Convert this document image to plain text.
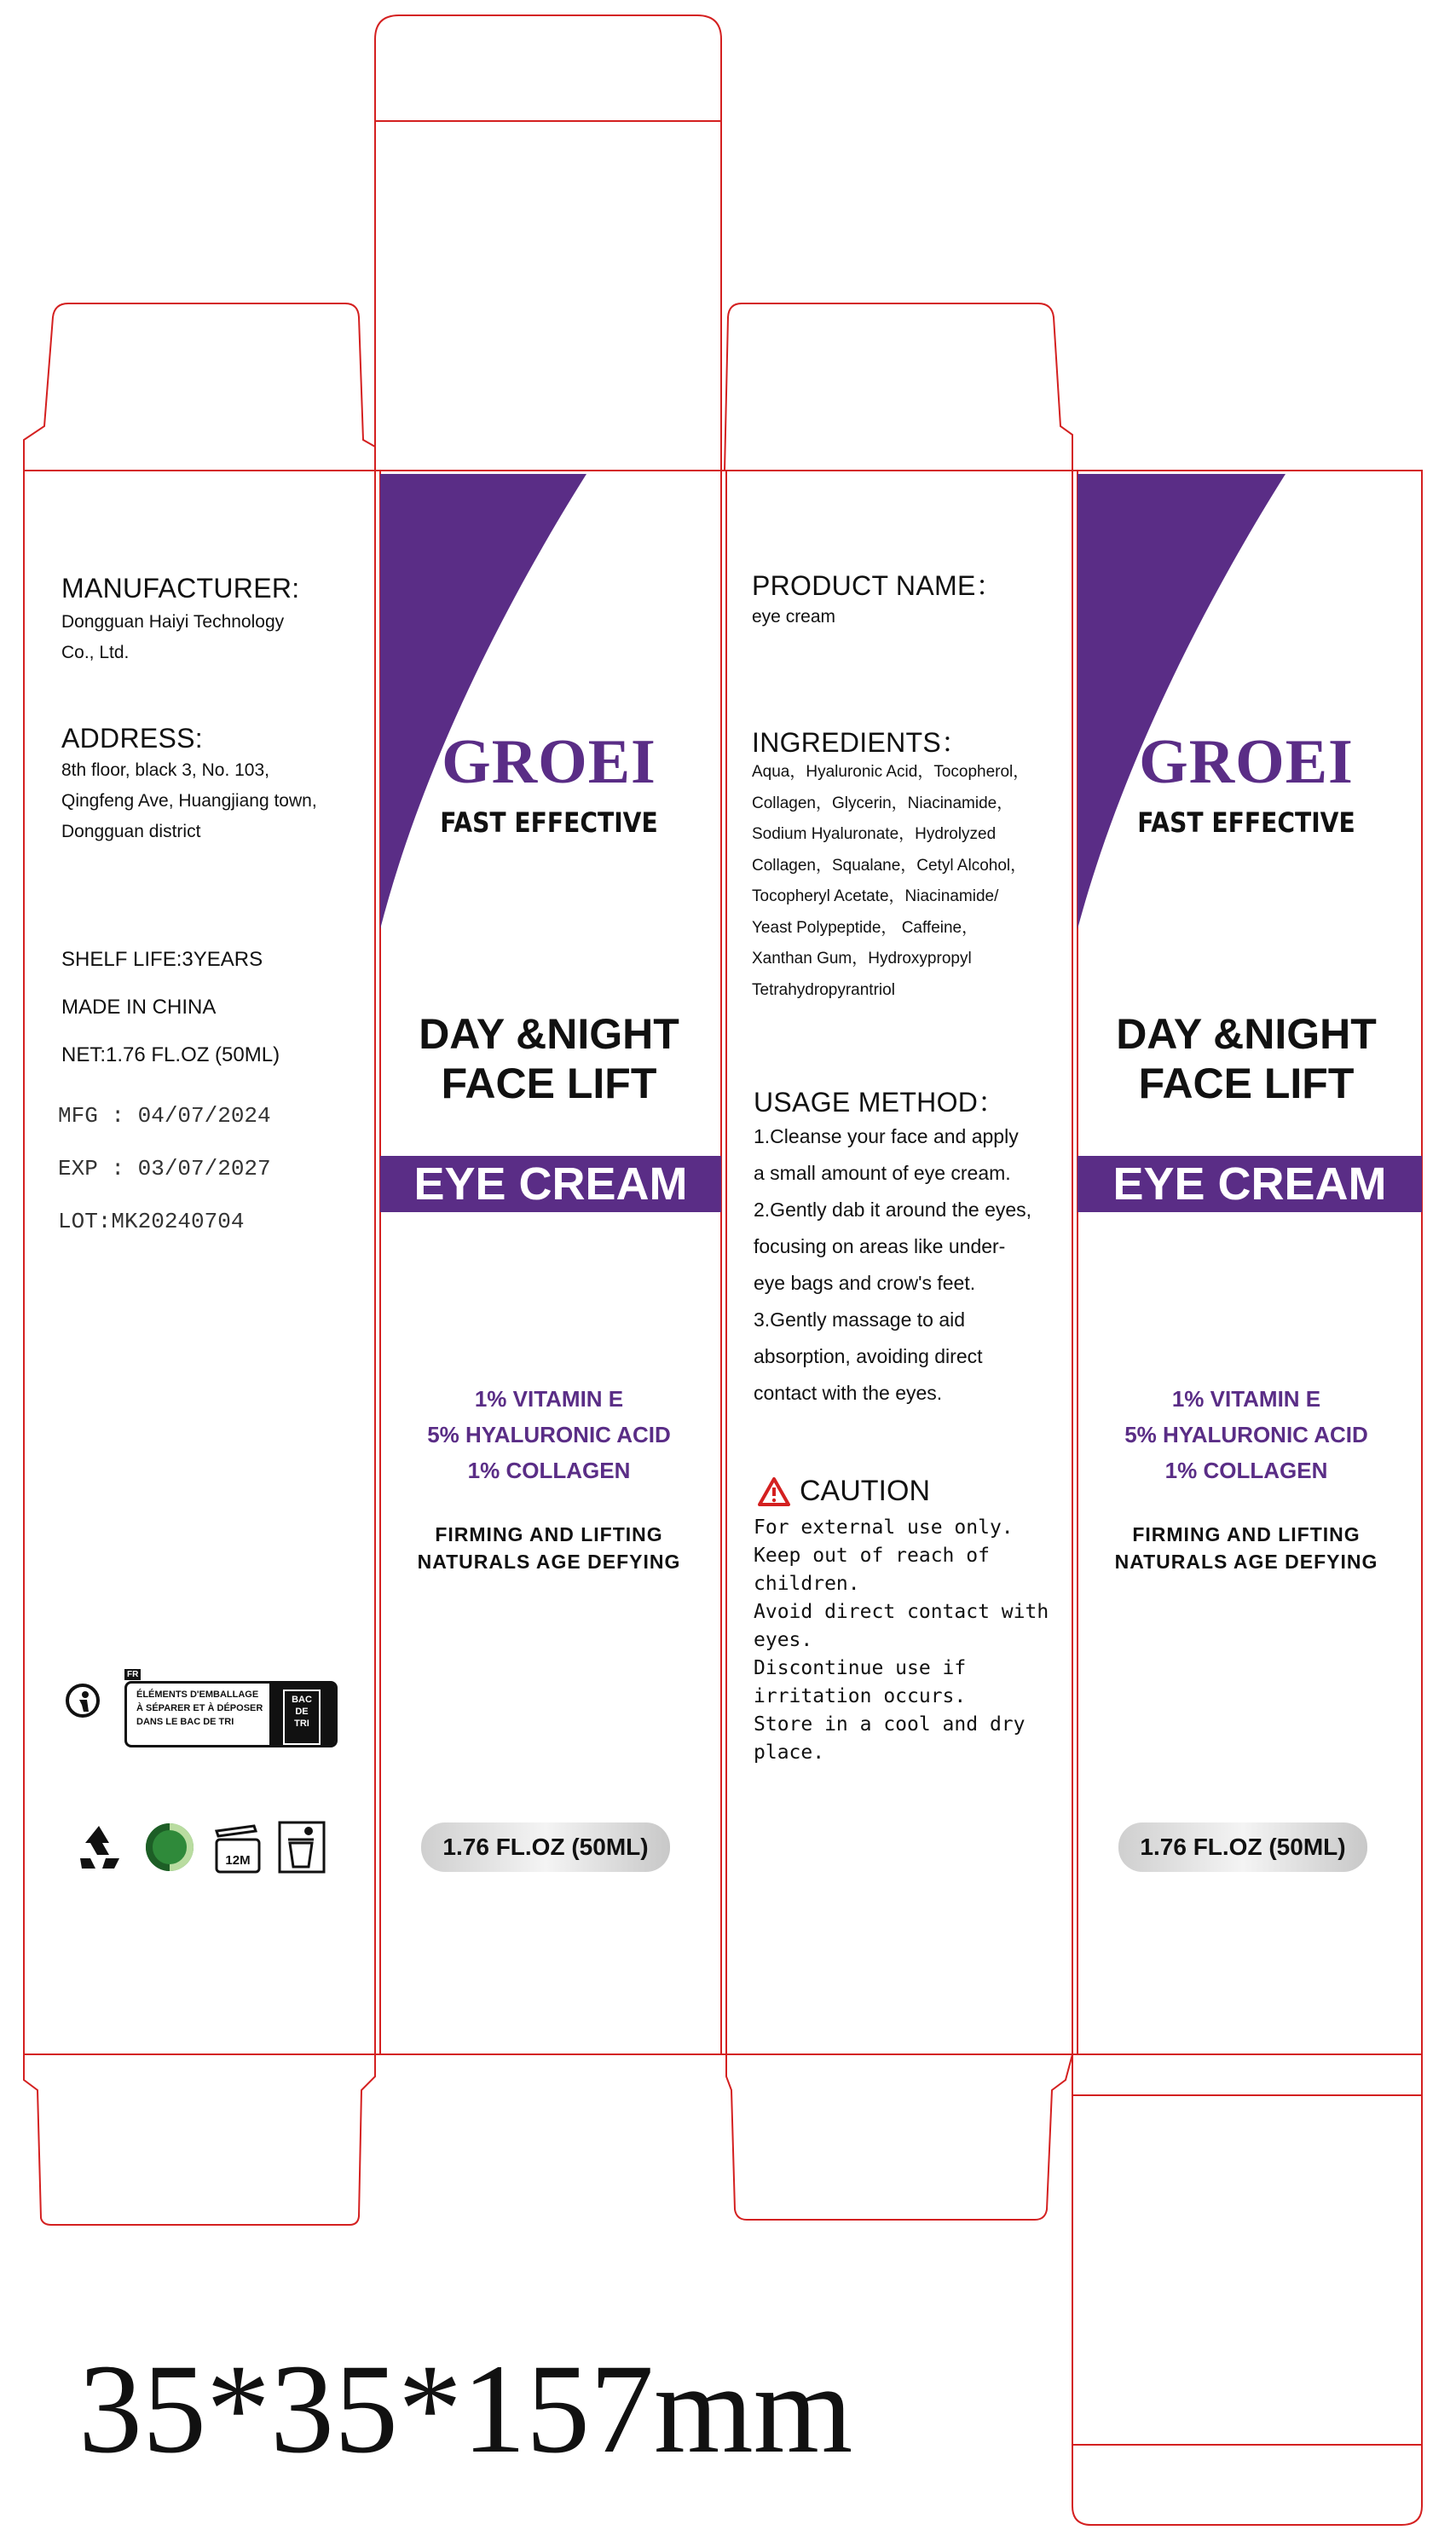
MANUFACTURER:
Dongguan Haiyi Technology
Co., Ltd.
ADDRESS:
8th floor, black 3, No. 103,
Qingfeng Ave, Huangjiang town,
Dongguan district
SHELF LIFE:3YEARS
MADE IN CHINA
NET:1.76 FL.OZ (50ML)
MFG : 04/07/2024
EXP : 03/07/2027
LOT:MK20240704
FR
ÉLÉMENTS D'EMBALLAGE
À SÉPARER ET À DÉPOSER
DANS LE BAC DE TRI
BAC
DE
TRI
12M
GROEI
FAST EFFECTIVE
DAY &NIGHT
FACE LIFT
EYE CREAM
1% VITAMIN E
5% HYALURONIC ACID
1% COLLAGEN
FIRMING AND LIFTING
NATURALS AGE DEFYING
1.76 FL.OZ (50ML)
PRODUCT NAME：
eye cream
INGREDIENTS：
Aqua，Hyaluronic Acid，Tocopherol，
Collagen，Glycerin，Niacinamide，
Sodium Hyaluronate，Hydrolyzed
Collagen，Squalane，Cetyl Alcohol，
Tocopheryl Acetate，Niacinamide/
Yeast Polypeptide， Caffeine，
Xanthan Gum，Hydroxypropyl
Tetrahydropyrantriol
USAGE METHOD：
1.Cleanse your face and apply
a small amount of eye cream.
2.Gently dab it around the eyes,
focusing on areas like under-
eye bags and crow's feet.
3.Gently massage to aid
absorption, avoiding direct
contact with the eyes.
CAUTION
For external use only.
Keep out of reach of
children.
Avoid direct contact with
eyes.
Discontinue use if
irritation occurs.
Store in a cool and dry
place.
GROEI
FAST EFFECTIVE
DAY &NIGHT
FACE LIFT
EYE CREAM
1% VITAMIN E
5% HYALURONIC ACID
1% COLLAGEN
FIRMING AND LIFTING
NATURALS AGE DEFYING
1.76 FL.OZ (50ML)
35*35*157mm
